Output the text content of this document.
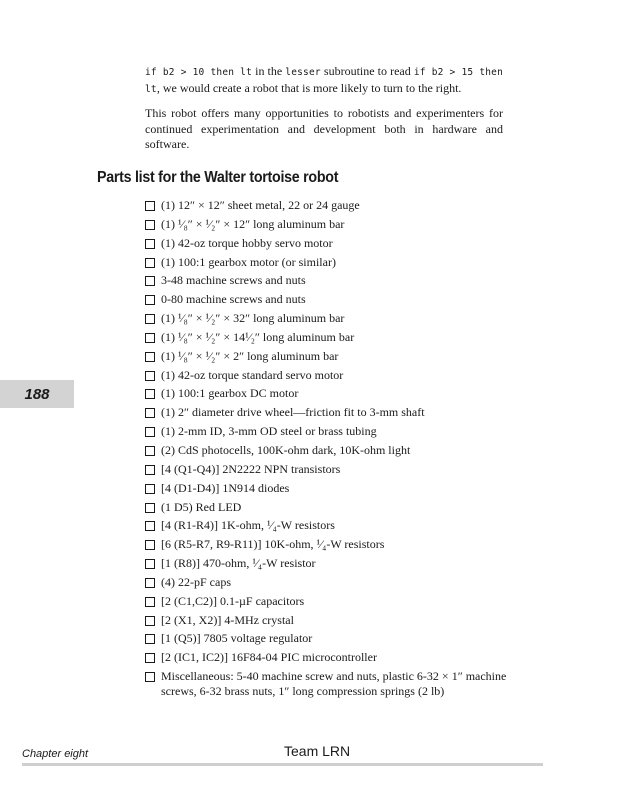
if b2 > 10 then lt in the lesser subroutine to read if b2 > 15 then lt, we would create a robot that is more likely to turn to the right.

This robot offers many opportunities to robotists and experimenters for continued experimentation and development both in hardware and software.

Parts list for the Walter tortoise robot
(1) 12″ × 12″ sheet metal, 22 or 24 gauge
(1) ¹⁄₈″ × ¹⁄₂″ × 12″ long aluminum bar
(1) 42-oz torque hobby servo motor
(1) 100:1 gearbox motor (or similar)
3-48 machine screws and nuts
0-80 machine screws and nuts
(1) ¹⁄₈″ × ¹⁄₂″ × 32″ long aluminum bar
(1) ¹⁄₈″ × ¹⁄₂″ × 14¹⁄₂″ long aluminum bar
(1) ¹⁄₈″ × ¹⁄₂″ × 2″ long aluminum bar
(1) 42-oz torque standard servo motor
(1) 100:1 gearbox DC motor
(1) 2″ diameter drive wheel—friction fit to 3-mm shaft
(1) 2-mm ID, 3-mm OD steel or brass tubing
(2) CdS photocells, 100K-ohm dark, 10K-ohm light
[4 (Q1-Q4)] 2N2222 NPN transistors
[4 (D1-D4)] 1N914 diodes
(1 D5) Red LED
[4 (R1-R4)] 1K-ohm, ¹⁄₄-W resistors
[6 (R5-R7, R9-R11)] 10K-ohm, ¹⁄₄-W resistors
[1 (R8)] 470-ohm, ¹⁄₄-W resistor
(4) 22-pF caps
[2 (C1,C2)] 0.1-µF capacitors
[2 (X1, X2)] 4-MHz crystal
[1 (Q5)] 7805 voltage regulator
[2 (IC1, IC2)] 16F84-04 PIC microcontroller
Miscellaneous: 5-40 machine screw and nuts, plastic 6-32 × 1″ machine screws, 6-32 brass nuts, 1″ long compression springs (2 lb)
188
Chapter eight	Team LRN
